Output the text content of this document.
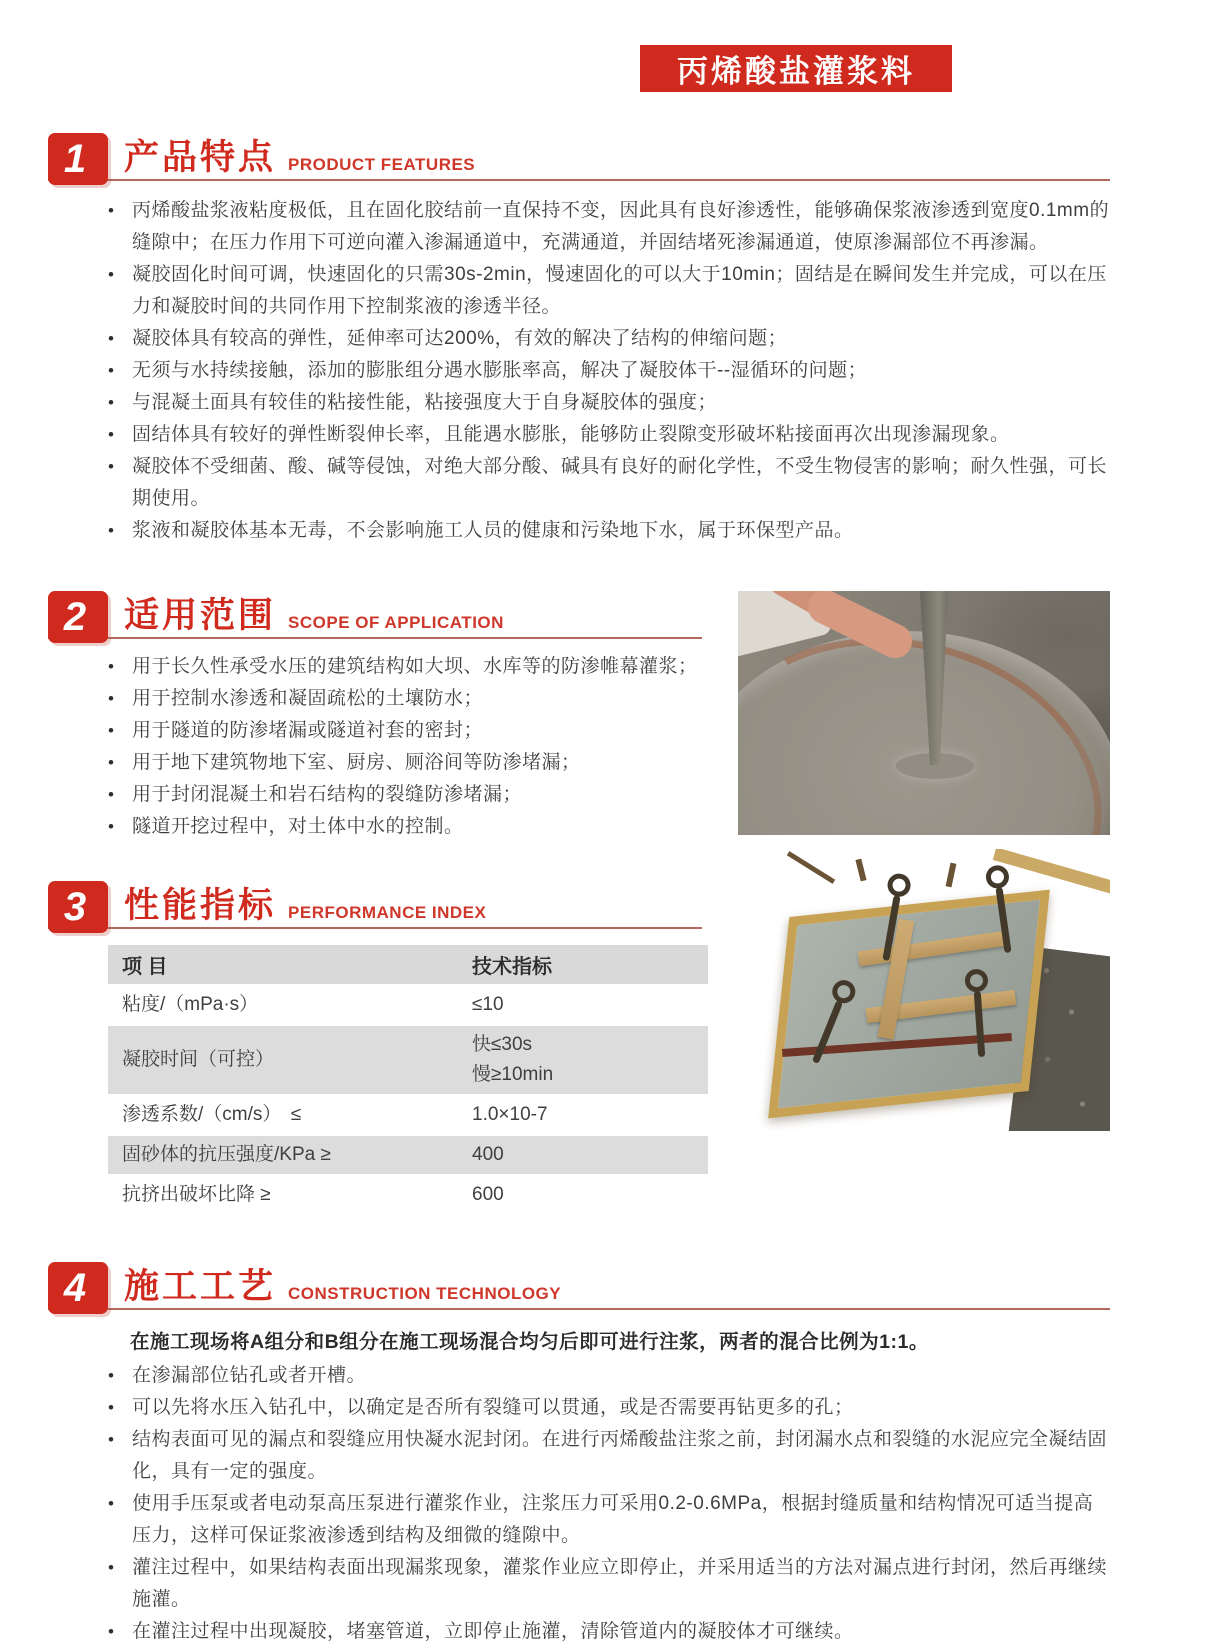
丙烯酸盐灌浆料
1	产品特点 PRODUCT FEATURES
• 丙烯酸盐浆液粘度极低，且在固化胶结前一直保持不变，因此具有良好渗透性，能够确保浆液渗透到宽度0.1mm的缝隙中；在压力作用下可逆向灌入渗漏通道中，充满通道，并固结堵死渗漏通道，使原渗漏部位不再渗漏。
• 凝胶固化时间可调，快速固化的只需30s-2min，慢速固化的可以大于10min；固结是在瞬间发生并完成，可以在压力和凝胶时间的共同作用下控制浆液的渗透半径。
• 凝胶体具有较高的弹性，延伸率可达200%，有效的解决了结构的伸缩问题；
• 无须与水持续接触，添加的膨胀组分遇水膨胀率高，解决了凝胶体干--湿循环的问题；
• 与混凝土面具有较佳的粘接性能，粘接强度大于自身凝胶体的强度；
• 固结体具有较好的弹性断裂伸长率，且能遇水膨胀，能够防止裂隙变形破坏粘接面再次出现渗漏现象。
• 凝胶体不受细菌、酸、碱等侵蚀，对绝大部分酸、碱具有良好的耐化学性，不受生物侵害的影响；耐久性强，可长期使用。
• 浆液和凝胶体基本无毒，不会影响施工人员的健康和污染地下水，属于环保型产品。
2	适用范围 SCOPE OF APPLICATION
• 用于长久性承受水压的建筑结构如大坝、水库等的防渗帷幕灌浆；
• 用于控制水渗透和凝固疏松的土壤防水；
• 用于隧道的防渗堵漏或隧道衬套的密封；
• 用于地下建筑物地下室、厨房、厕浴间等防渗堵漏；
• 用于封闭混凝土和岩石结构的裂缝防渗堵漏；
• 隧道开挖过程中，对土体中水的控制。
3	性能指标 PERFORMANCE INDEX
项 目	技术指标
粘度/（mPa·s）	≤10
凝胶时间（可控）	快≤30s
慢≥10min

渗透系数/（cm/s）　≤	1.0×10-7
固砂体的抗压强度/KPa ≥	400
抗挤出破坏比降 ≥	600
4	施工工艺 CONSTRUCTION TECHNOLOGY

在施工现场将A组分和B组分在施工现场混合均匀后即可进行注浆，两者的混合比例为1:1。

• 在渗漏部位钻孔或者开槽。
• 可以先将水压入钻孔中，以确定是否所有裂缝可以贯通，或是否需要再钻更多的孔；
• 结构表面可见的漏点和裂缝应用快凝水泥封闭。在进行丙烯酸盐注浆之前，封闭漏水点和裂缝的水泥应完全凝结固化，具有一定的强度。
• 使用手压泵或者电动泵高压泵进行灌浆作业，注浆压力可采用0.2-0.6MPa，根据封缝质量和结构情况可适当提高压力，这样可保证浆液渗透到结构及细微的缝隙中。
• 灌注过程中，如果结构表面出现漏浆现象，灌浆作业应立即停止，并采用适当的方法对漏点进行封闭，然后再继续施灌。
• 在灌注过程中出现凝胶，堵塞管道，立即停止施灌，清除管道内的凝胶体才可继续。
